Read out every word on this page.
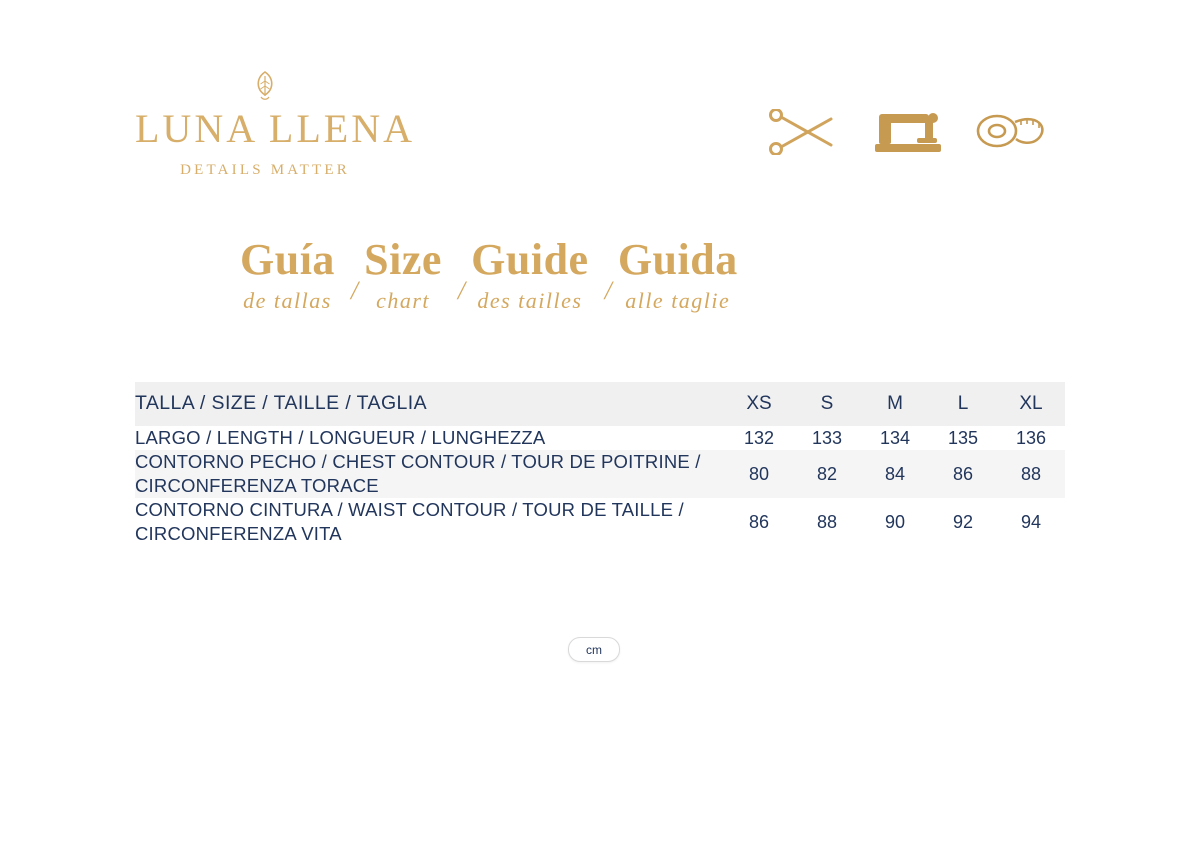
LUNA LLENA
DETAILS MATTER
Guía
de tallas /
Size
chart	/
Guide
des tailles /
Guida
alle taglie
TALLA / SIZE / TAILLE / TAGLIA	XS	S	M	L	XL
LARGO / LENGTH / LONGUEUR / LUNGHEZZA	132	133	134	135	136
CONTORNO PECHO / CHEST CONTOUR / TOUR DE POITRINE / CIRCONFERENZA TORACE	80	82	84	86	88
CONTORNO CINTURA / WAIST CONTOUR / TOUR DE TAILLE / CIRCONFERENZA VITA	86	88	90	92	94
cm
